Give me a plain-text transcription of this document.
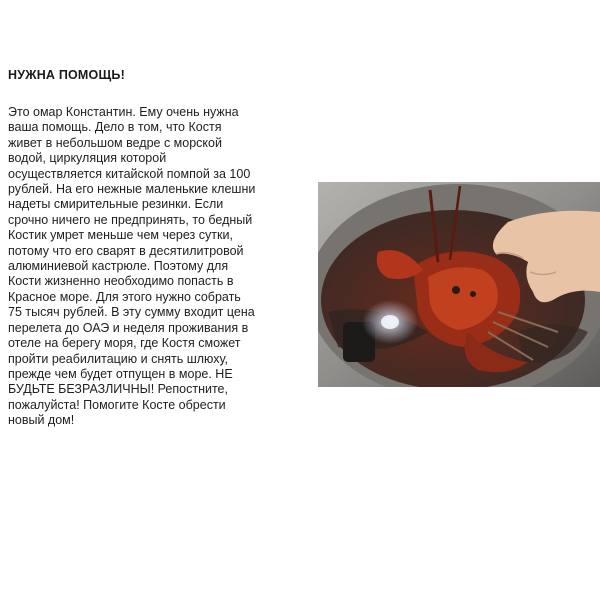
НУЖНА ПОМОЩЬ!
Это омар Константин. Ему очень нужна
ваша помощь. Дело в том, что Костя
живет в небольшом ведре с морской
водой, циркуляция которой
осуществляется китайской помпой за 100
рублей. На его нежные маленькие клешни
надеты смирительные резинки. Если
срочно ничего не предпринять, то бедный
Костик умрет меньше чем через сутки,
потому что его сварят в десятилитровой
алюминиевой кастрюле. Поэтому для
Кости жизненно необходимо попасть в
Красное море. Для этого нужно собрать
75 тысяч рублей. В эту сумму входит цена
перелета до ОАЭ и неделя проживания в
отеле на берегу моря, где Костя сможет
пройти реабилитацию и снять шлюху,
прежде чем будет отпущен в море. НЕ
БУДЬТЕ БЕЗРАЗЛИЧНЫ! Репостните,
пожалуйста! Помогите Косте обрести
новый дом!
